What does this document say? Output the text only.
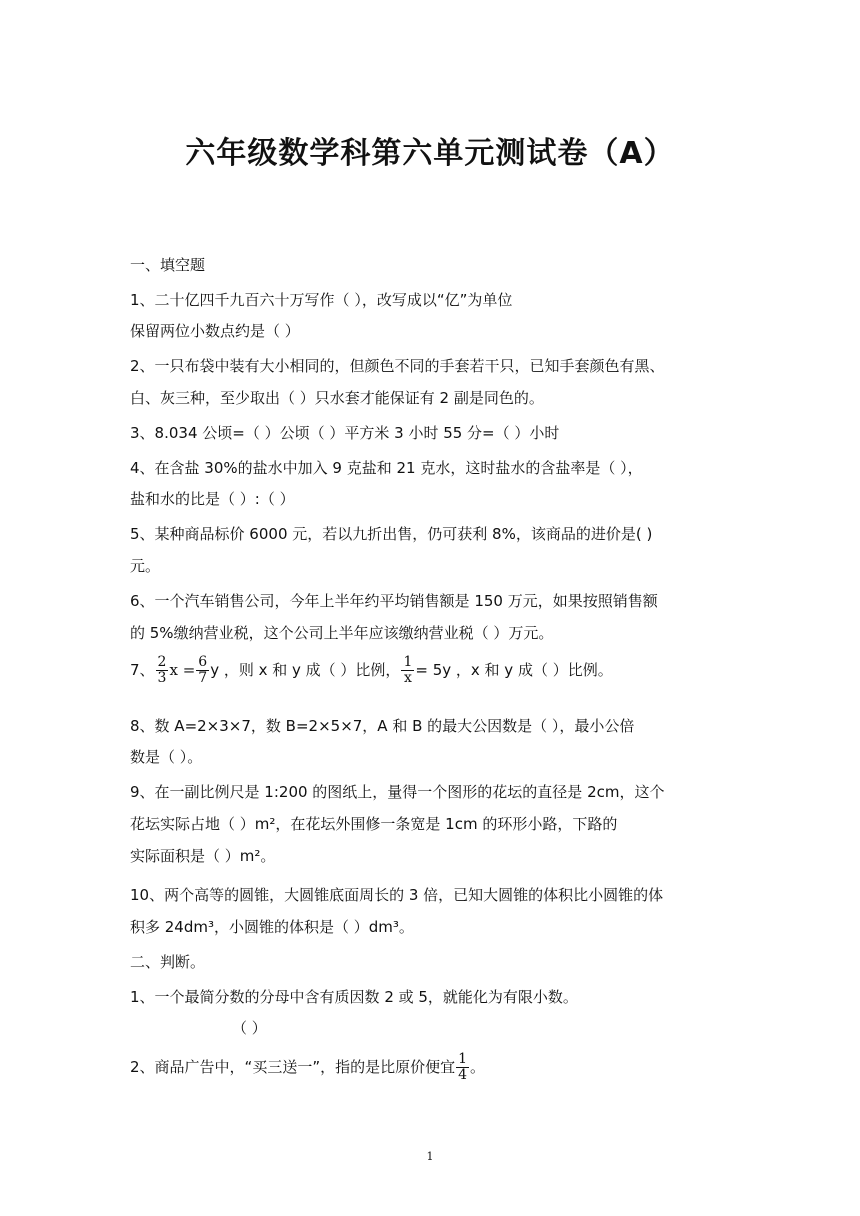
六年级数学科第六单元测试卷（A）
一、填空题
1、二十亿四千九百六十万写作（ ），改写成以“亿”为单位
保留两位小数点约是（ ）
2、一只布袋中装有大小相同的，但颜色不同的手套若干只，已知手套颜色有黑、
白、灰三种，至少取出（ ）只水套才能保证有 2 副是同色的。
3、8.034 公顷=（ ）公顷（ ）平方米 3 小时 55 分=（ ）小时
4、在含盐 30%的盐水中加入 9 克盐和 21 克水，这时盐水的含盐率是（ ），
盐和水的比是（ ）:（ ）
5、某种商品标价 6000 元，若以九折出售，仍可获利 8%，该商品的进价是( )
元。
6、一个汽车销售公司，今年上半年约平均销售额是 150 万元，如果按照销售额
的 5%缴纳营业税，这个公司上半年应该缴纳营业税（ ）万元。
7、 $\frac{2}{3}$ $x = \frac{6}{7}$ y ，则 x 和 y 成（ ）比例， $\frac{1}{x} = 5y$ ，x 和 y 成（ ）比例。
8、数 A=2×3×7，数 B=2×5×7，A 和 B 的最大公因数是（ ），最小公倍
数是（ ）。
9、在一副比例尺是 1:200 的图纸上，量得一个图形的花坛的直径是 2cm，这个
花坛实际占地（ ）m²，在花坛外围修一条宽是 1cm 的环形小路，下路的
实际面积是（ ）m²。
10、两个高等的圆锥，大圆锥底面周长的 3 倍，已知大圆锥的体积比小圆锥的体
积多 24dm³，小圆锥的体积是（ ）dm³。
二、判断。
1、一个最简分数的分母中含有质因数 2 或 5，就能化为有限小数。
（ ）
2、商品广告中，“买三送一”，指的是比原价便宜 $\frac{1}{4}$ 。
1
